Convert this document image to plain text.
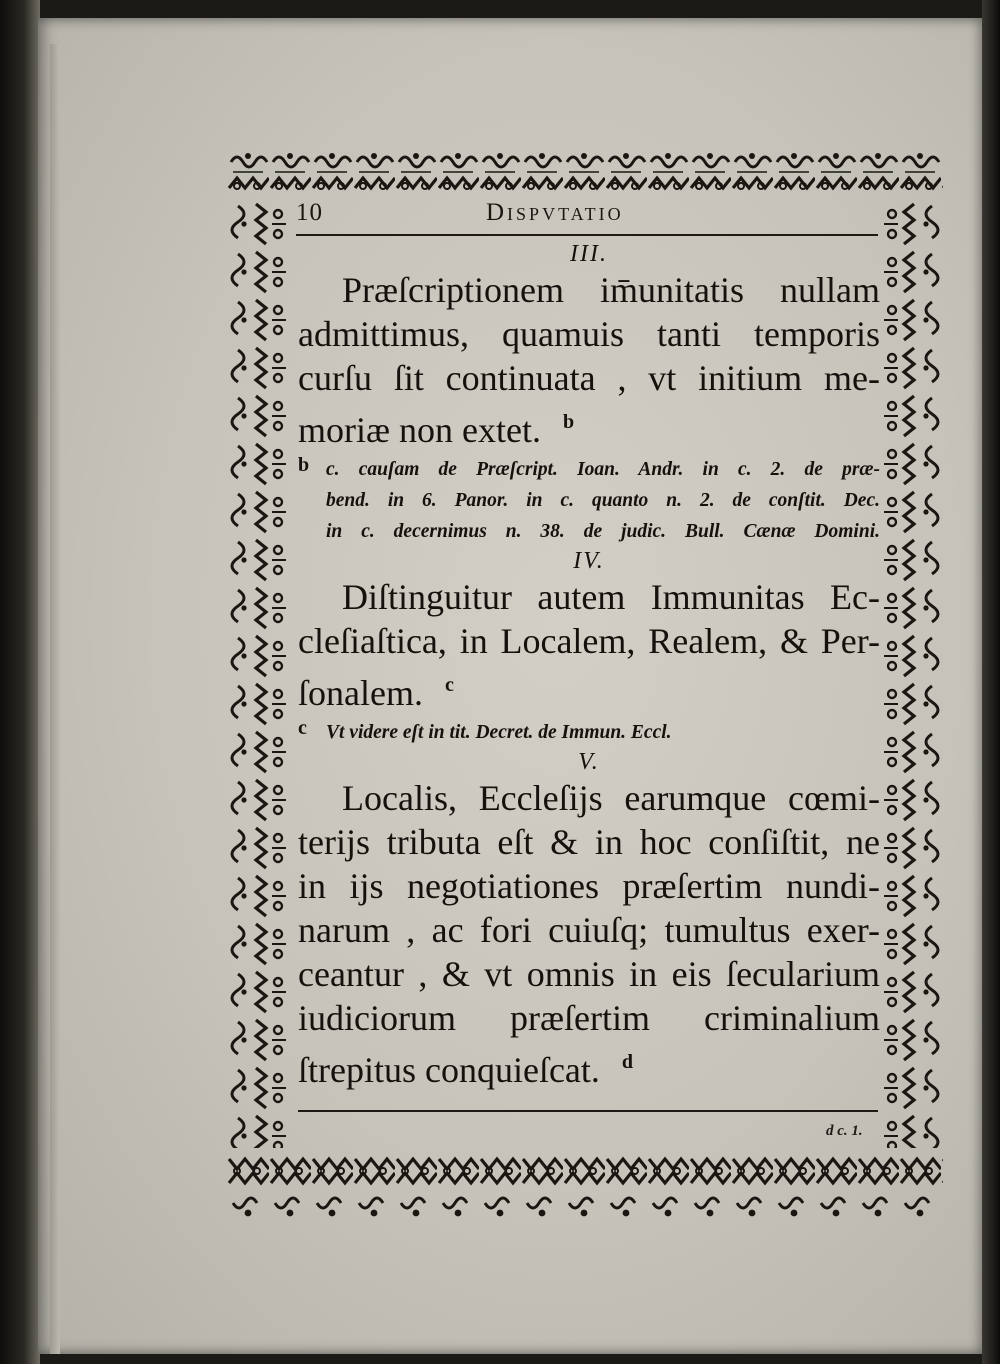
10	Dispvtatio
III.
Præſcriptionem im̄unitatis nullam
admittimus, quamuis tanti temporis
curſu ſit continuata , vt initium me-
moriæ non extet. $^b$
b c. cauſam de Præſcript. Ioan. Andr. in c. 2. de præ-
bend. in 6. Panor. in c. quanto n. 2. de conſtit. Dec.
in c. decernimus n. 38. de judic. Bull. Cænæ Domini.
IV.
Diſtinguitur autem Immunitas Ec-
cleſiaſtica, in Localem, Realem, & Per-
ſonalem. $^c$
c Vt videre eſt in tit. Decret. de Immun. Eccl.
V.
Localis, Eccleſijs earumque cœmi-
terijs tributa eſt & in hoc conſiſtit, ne
in ijs negotiationes præſertim nundi-
narum , ac fori cuiuſq; tumultus exer-
ceantur , & vt omnis in eis ſecularium
iudiciorum præſertim criminalium
ſtrepitus conquieſcat. $^d$
d c. 1.
